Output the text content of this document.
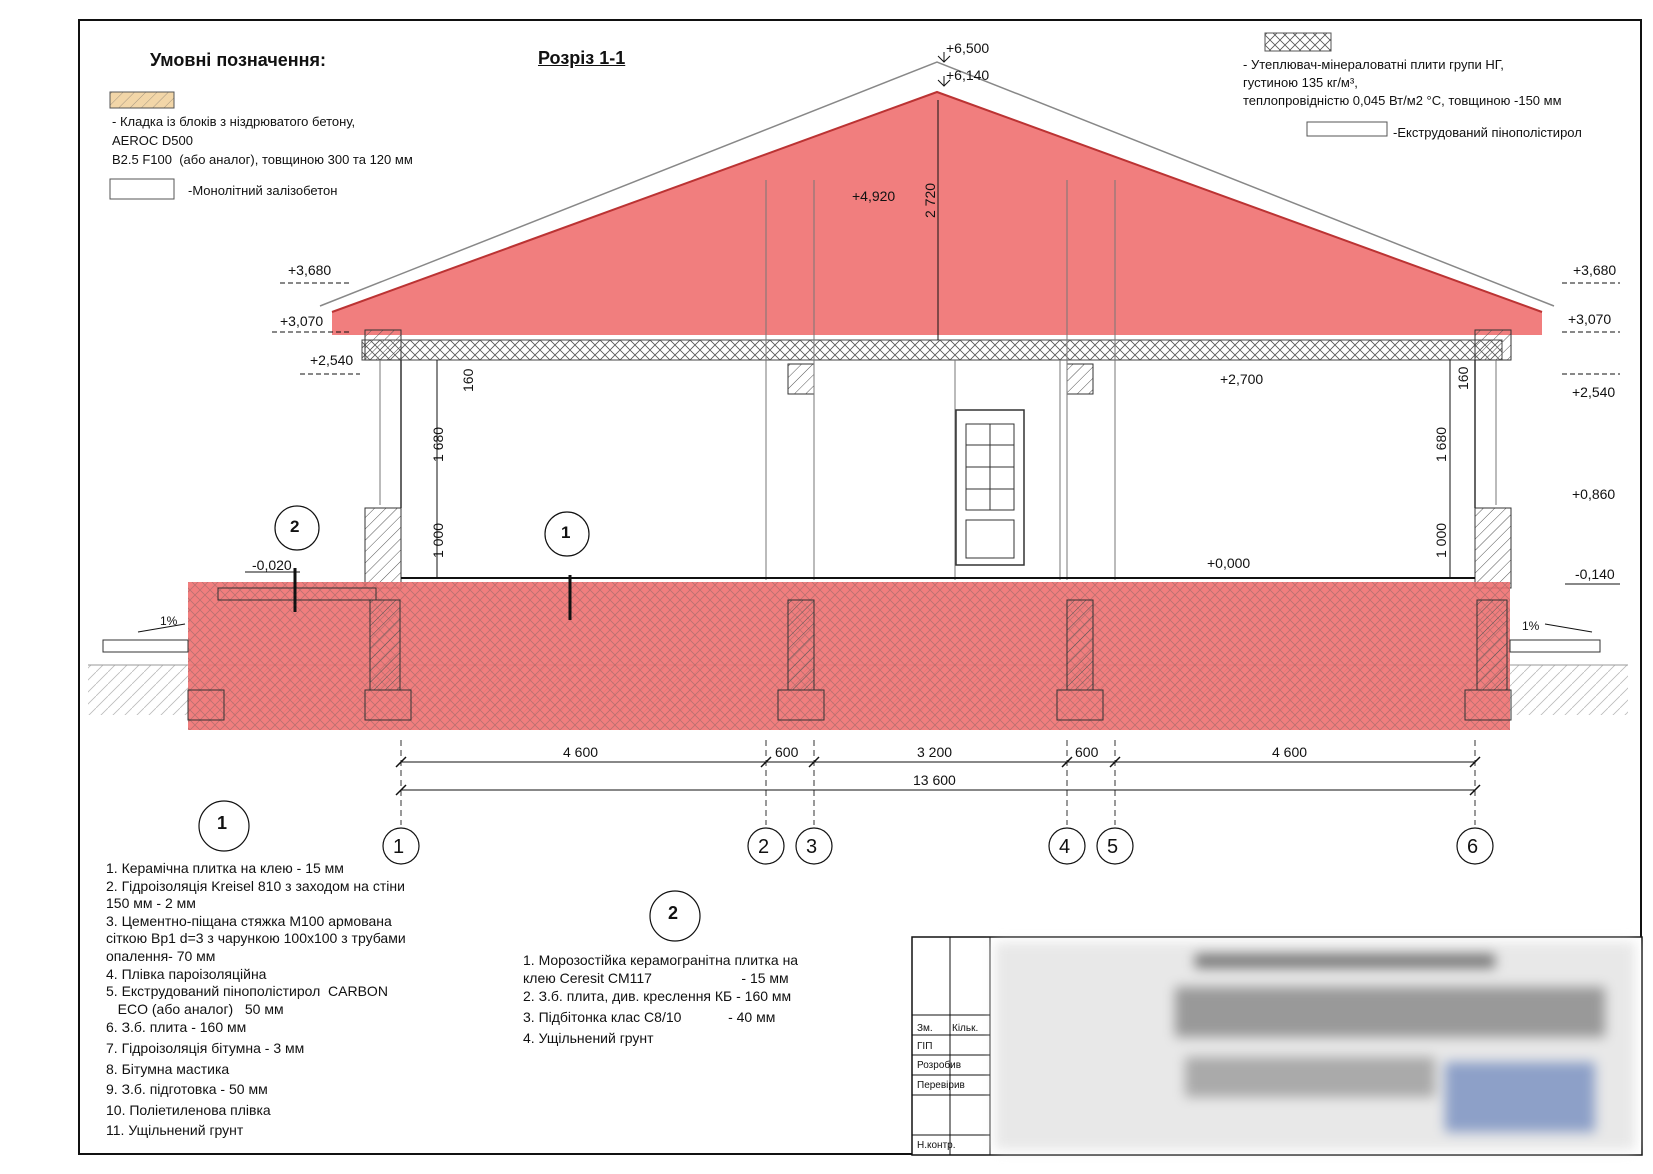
Зм. Кільк.
ГІП
Розробив
Перевірив
Н.контр.
Умовні позначення:	Розріз 1-1
- Кладка із блоків з ніздрюватого бетону,
AEROC D500
B2.5 F100  (або аналог), товщиною 300 та 120 мм
-Монолітний залізобетон
- Утеплювач-мінераловатні плити групи НГ,
густиною 135 кг/м³,
теплопровідністю 0,045 Вт/м2 °С, товщиною -150 мм
-Екструдований пінополістирол
+6,500
+6,140
+4,920
+3,680	+3,680
+3,070	+3,070
+2,540
+2,540
+2,700
+0,860
+0,000
-0,020
-0,140
2 720
160
1 680
1 000
160
1 680
1 000
4 600	600	3 200	600	4 600
13 600
1%	1%
1	2 3	4 5	6
2	1
1
2
1. Керамічна плитка на клею - 15 мм
2. Гідроізоляція Kreisel 810 з заходом на стіни
150 мм - 2 мм
3. Цементно-піщана стяжка М100 армована
сіткою Вр1 d=3 з чарункою 100х100 з трубами
опалення- 70 мм
4. Плівка пароізоляційна
5. Екструдований пінополістирол  CARBON
ECO (або аналог)   50 мм
6. З.б. плита - 160 мм
7. Гідроізоляція бітумна - 3 мм
8. Бітумна мастика
9. З.б. підготовка - 50 мм
10. Поліетиленова плівка
11. Ущільнений грунт
1. Морозостійка керамогранітна плитка на
клею Ceresit CM117                       - 15 мм
2. З.б. плита, див. креслення КБ - 160 мм
3. Підбітонка клас С8/10            - 40 мм
4. Ущільнений грунт
